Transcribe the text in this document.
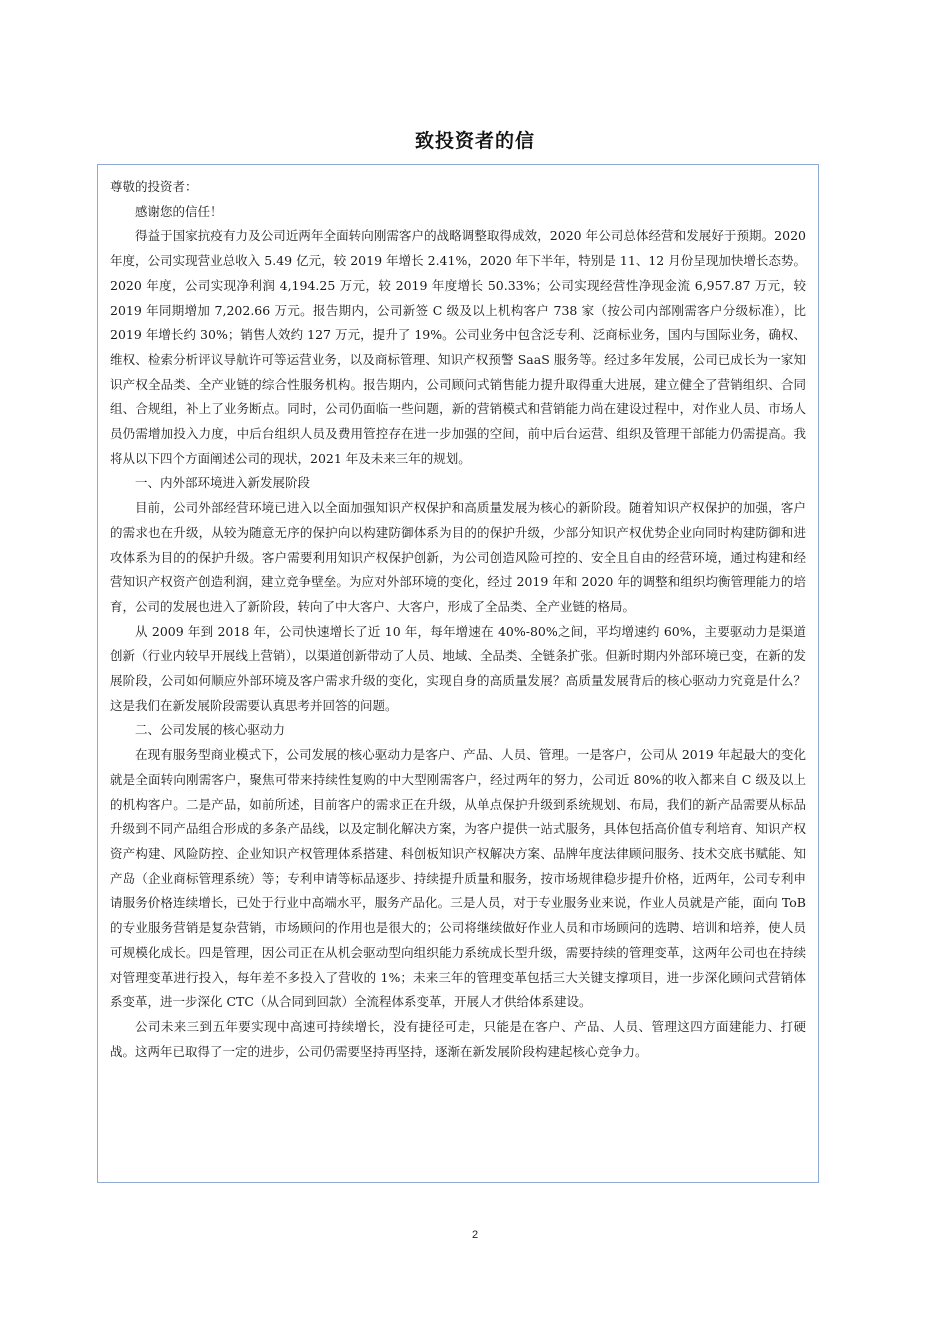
致投资者的信

尊敬的投资者：

感谢您的信任！

得益于国家抗疫有力及公司近两年全面转向刚需客户的战略调整取得成效，2020 年公司总体经营和发展好于预期。2020 年度，公司实现营业总收入 5.49 亿元，较 2019 年增长 2.41%，2020 年下半年，特别是 11、12 月份呈现加快增长态势。2020 年度，公司实现净利润 4,194.25 万元，较 2019 年度增长 50.33%；公司实现经营性净现金流 6,957.87 万元，较 2019 年同期增加 7,202.66 万元。报告期内，公司新签 C 级及以上机构客户 738 家（按公司内部刚需客户分级标准），比 2019 年增长约 30%；销售人效约 127 万元，提升了 19%。公司业务中包含泛专利、泛商标业务，国内与国际业务，确权、维权、检索分析评议导航许可等运营业务，以及商标管理、知识产权预警 SaaS 服务等。经过多年发展，公司已成长为一家知识产权全品类、全产业链的综合性服务机构。报告期内，公司顾问式销售能力提升取得重大进展，建立健全了营销组织、合同组、合规组，补上了业务断点。同时，公司仍面临一些问题，新的营销模式和营销能力尚在建设过程中，对作业人员、市场人员仍需增加投入力度，中后台组织人员及费用管控存在进一步加强的空间，前中后台运营、组织及管理干部能力仍需提高。我将从以下四个方面阐述公司的现状，2021 年及未来三年的规划。

一、内外部环境进入新发展阶段

目前，公司外部经营环境已进入以全面加强知识产权保护和高质量发展为核心的新阶段。随着知识产权保护的加强，客户的需求也在升级，从较为随意无序的保护向以构建防御体系为目的的保护升级，少部分知识产权优势企业向同时构建防御和进攻体系为目的的保护升级。客户需要利用知识产权保护创新，为公司创造风险可控的、安全且自由的经营环境，通过构建和经营知识产权资产创造利润，建立竞争壁垒。为应对外部环境的变化，经过 2019 年和 2020 年的调整和组织均衡管理能力的培育，公司的发展也进入了新阶段，转向了中大客户、大客户，形成了全品类、全产业链的格局。

从 2009 年到 2018 年，公司快速增长了近 10 年，每年增速在 40%-80%之间，平均增速约 60%，主要驱动力是渠道创新（行业内较早开展线上营销），以渠道创新带动了人员、地域、全品类、全链条扩张。但新时期内外部环境已变，在新的发展阶段，公司如何顺应外部环境及客户需求升级的变化，实现自身的高质量发展？高质量发展背后的核心驱动力究竟是什么？这是我们在新发展阶段需要认真思考并回答的问题。

二、公司发展的核心驱动力

在现有服务型商业模式下，公司发展的核心驱动力是客户、产品、人员、管理。一是客户，公司从 2019 年起最大的变化就是全面转向刚需客户，聚焦可带来持续性复购的中大型刚需客户，经过两年的努力，公司近 80%的收入都来自 C 级及以上的机构客户。二是产品，如前所述，目前客户的需求正在升级，从单点保护升级到系统规划、布局，我们的新产品需要从标品升级到不同产品组合形成的多条产品线，以及定制化解决方案，为客户提供一站式服务，具体包括高价值专利培育、知识产权资产构建、风险防控、企业知识产权管理体系搭建、科创板知识产权解决方案、品牌年度法律顾问服务、技术交底书赋能、知产岛（企业商标管理系统）等；专利申请等标品逐步、持续提升质量和服务，按市场规律稳步提升价格，近两年，公司专利申请服务价格连续增长，已处于行业中高端水平，服务产品化。三是人员，对于专业服务业来说，作业人员就是产能，面向 ToB 的专业服务营销是复杂营销，市场顾问的作用也是很大的；公司将继续做好作业人员和市场顾问的选聘、培训和培养，使人员可规模化成长。四是管理，因公司正在从机会驱动型向组织能力系统成长型升级，需要持续的管理变革，这两年公司也在持续对管理变革进行投入，每年差不多投入了营收的 1%；未来三年的管理变革包括三大关键支撑项目，进一步深化顾问式营销体系变革，进一步深化 CTC（从合同到回款）全流程体系变革，开展人才供给体系建设。

公司未来三到五年要实现中高速可持续增长，没有捷径可走，只能是在客户、产品、人员、管理这四方面建能力、打硬战。这两年已取得了一定的进步，公司仍需要坚持再坚持，逐渐在新发展阶段构建起核心竞争力。

2
